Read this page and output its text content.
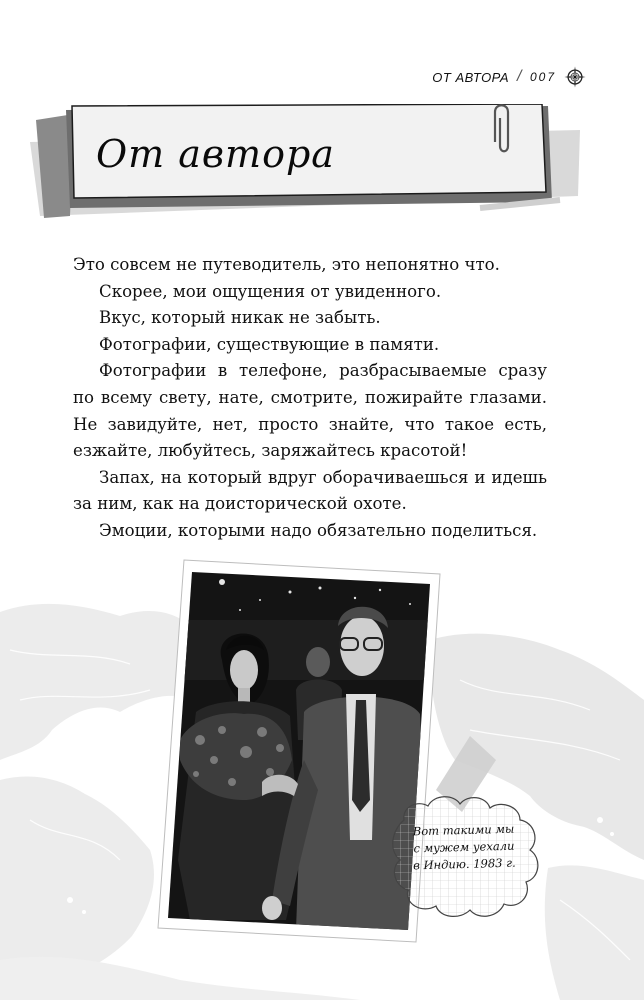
ОТ АВТОРА / 007
От автора

Это совсем не путеводитель, это непонятно что.

Скорее, мои ощущения от увиденного.

Вкус, который никак не забыть.

Фотографии, существующие в памяти.

Фотографии в телефоне, разбрасываемые сразу по всему свету, нате, смотрите, пожирайте глазами. Не завидуйте, нет, просто знайте, что такое есть, езжайте, любуйтесь, заряжайтесь красотой!

Запах, на который вдруг оборачиваешься и идешь за ним, как на доисторической охоте.

Эмоции, которыми надо обязательно поделиться.

Вот такими мы
с мужем уехали
в Индию. 1983 г.
